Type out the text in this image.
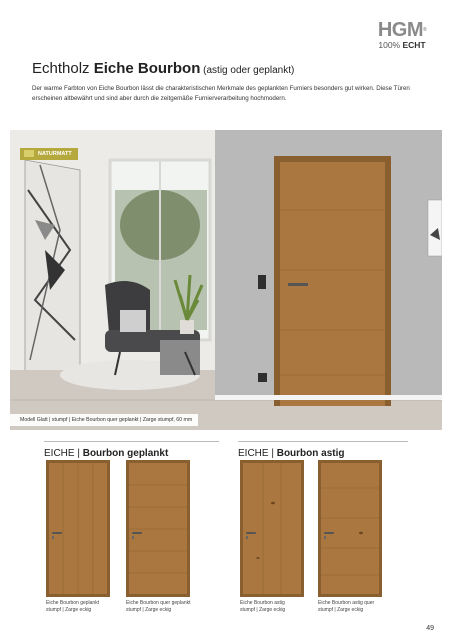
HGM®
100% ECHT
Echtholz Eiche Bourbon (astig oder geplankt)
Der warme Farbton von Eiche Bourbon lässt die charakteristischen Merkmale des geplankten Furniers besonders gut wirken. Diese Türen erscheinen altbewährt und sind aber durch die zeitgemäße Furnierverarbeitung hochmodern.
NATURMATT
Modell Glatt | stumpf | Eiche Bourbon quer geplankt | Zarge stumpf, 60 mm
EICHE | Bourbon geplankt	EICHE | Bourbon astig
Eiche Bourbon geplankt
stumpf | Zarge eckig
Eiche Bourbon quer geplankt
stumpf | Zarge eckig
Eiche Bourbon astig
stumpf | Zarge eckig
Eiche Bourbon astig quer
stumpf | Zarge eckig
49
